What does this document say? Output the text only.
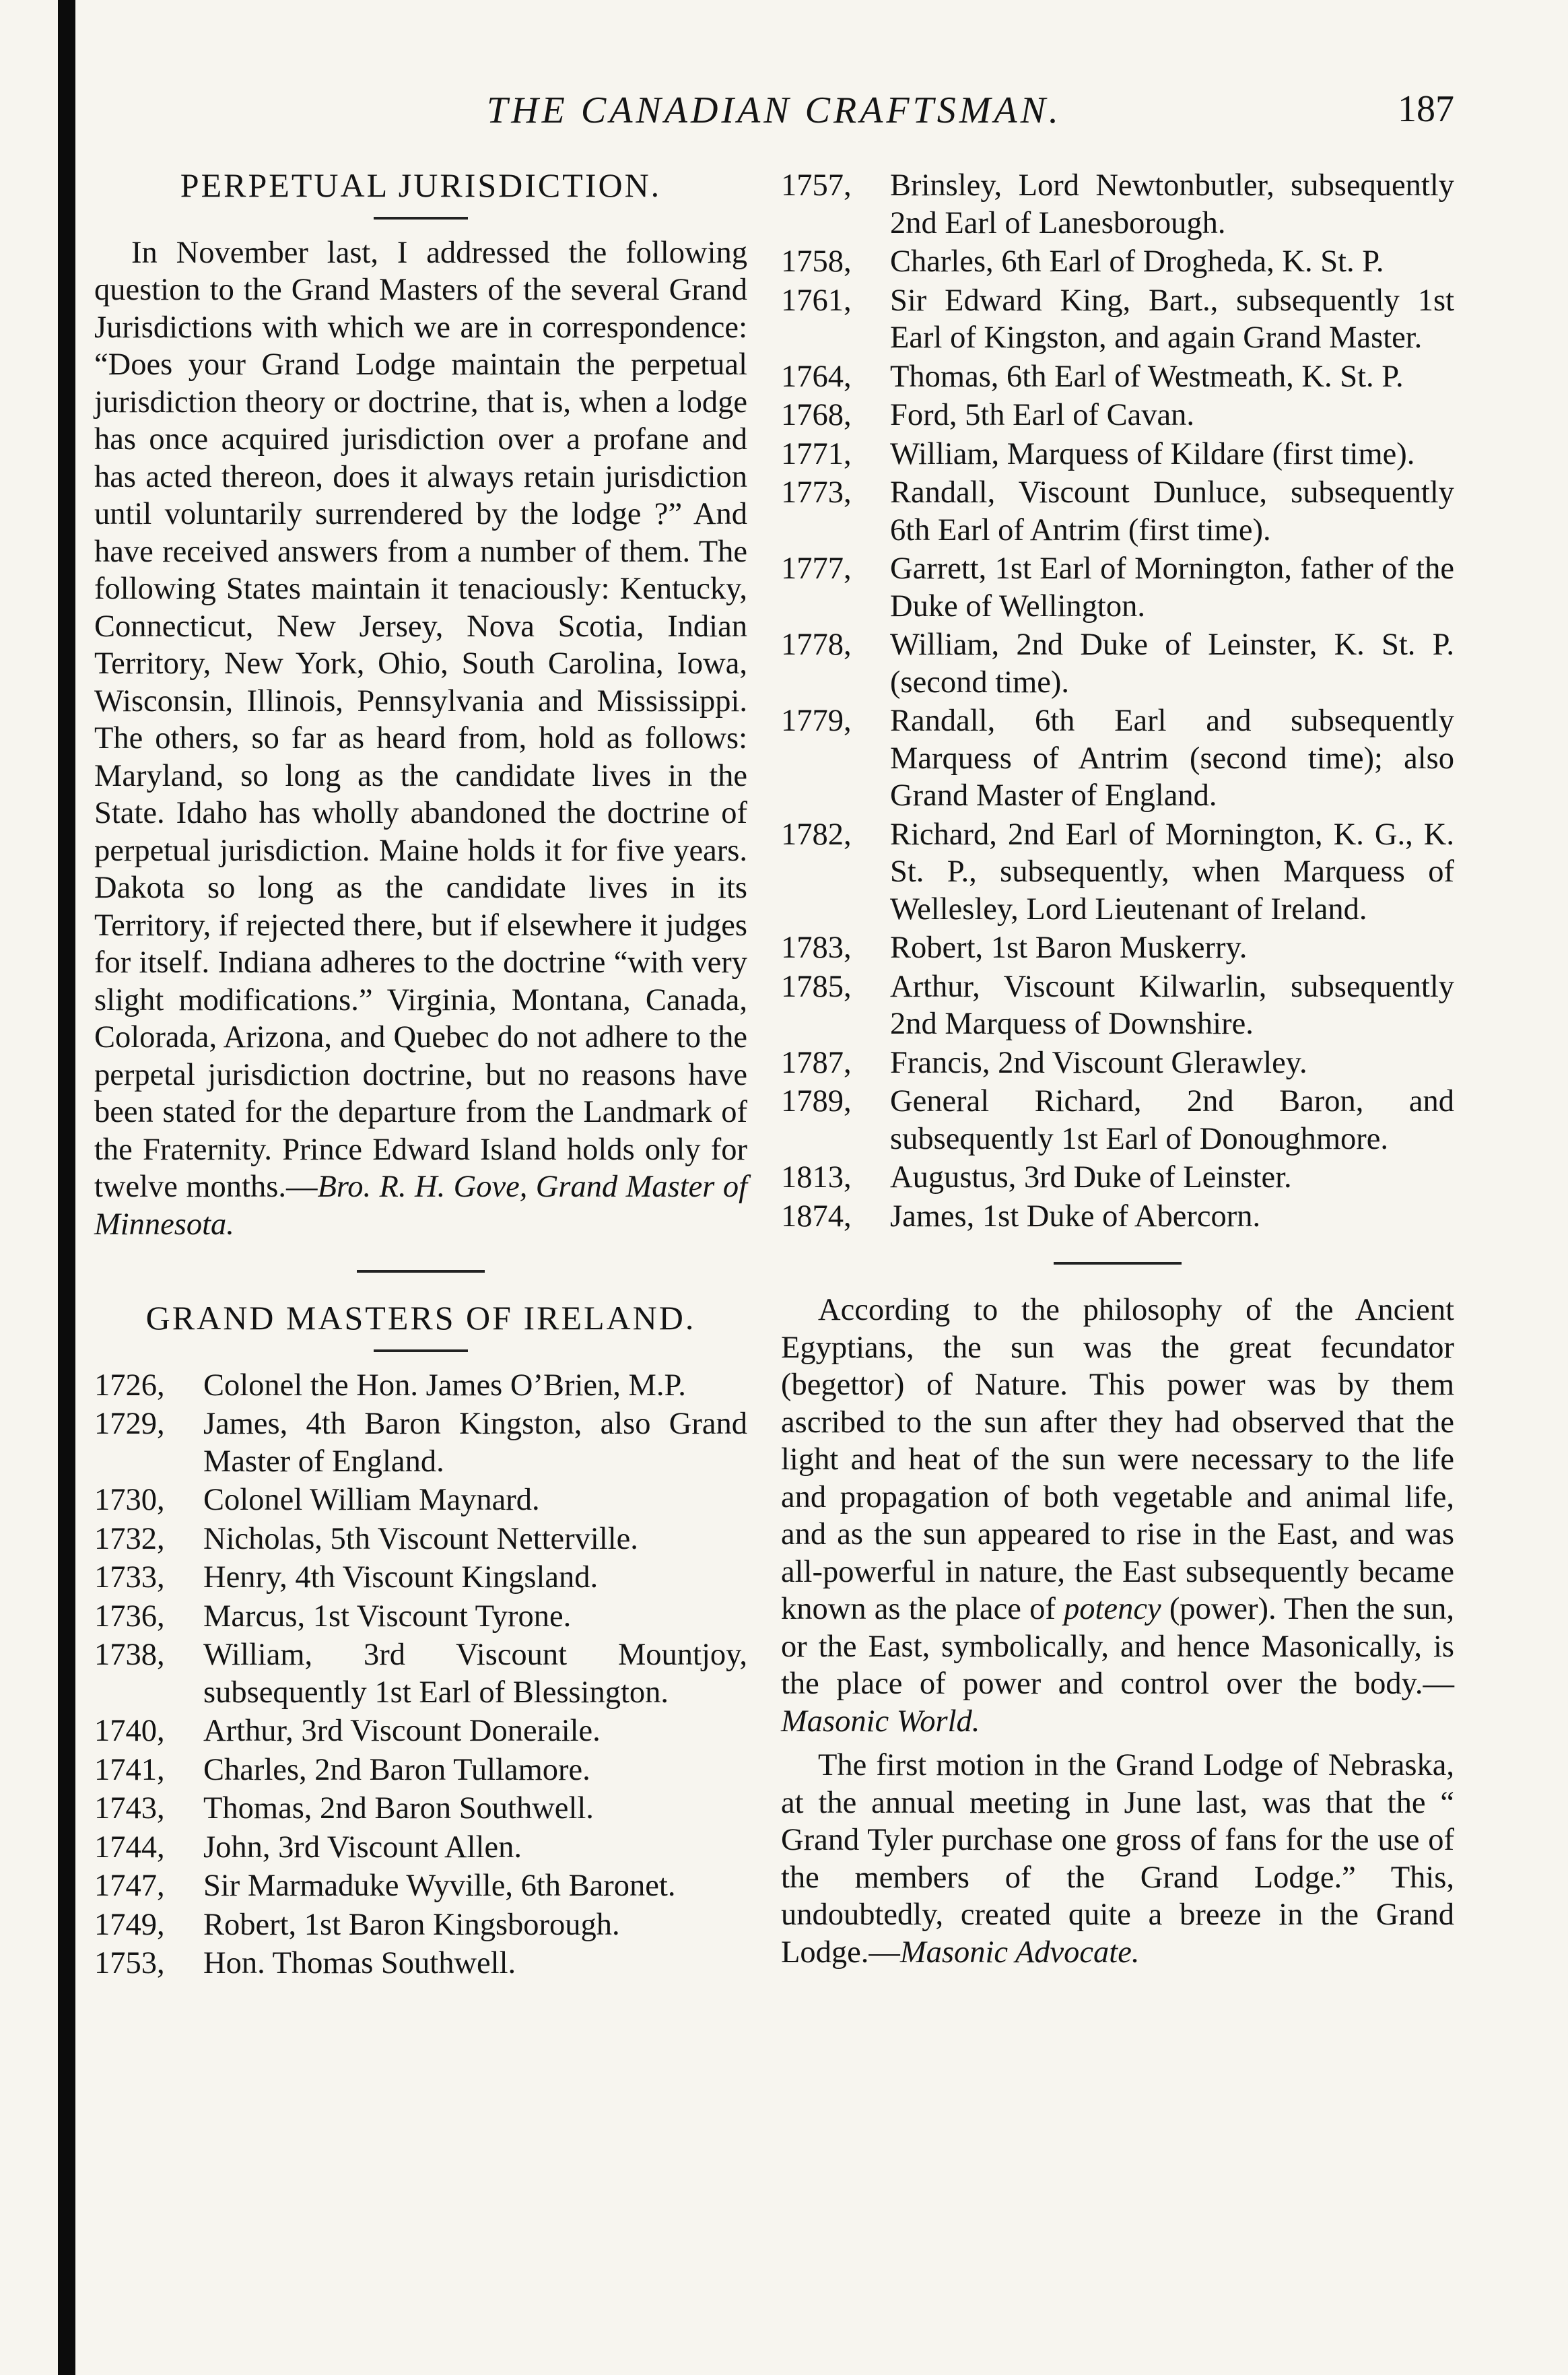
THE CANADIAN CRAFTSMAN.	187
PERPETUAL JURISDICTION.

In November last, I addressed the following question to the Grand Masters of the several Grand Jurisdictions with which we are in correspondence: “Does your Grand Lodge maintain the perpetual jurisdiction theory or doctrine, that is, when a lodge has once acquired jurisdiction over a profane and has acted thereon, does it always retain jurisdiction until voluntarily surrendered by the lodge ?” And have received answers from a number of them. The following States maintain it tenaciously: Kentucky, Connecticut, New Jersey, Nova Scotia, Indian Territory, New York, Ohio, South Carolina, Iowa, Wisconsin, Illinois, Pennsylvania and Mississippi. The others, so far as heard from, hold as follows: Maryland, so long as the candidate lives in the State. Idaho has wholly abandoned the doctrine of perpetual jurisdiction. Maine holds it for five years. Dakota so long as the candidate lives in its Territory, if rejected there, but if elsewhere it judges for itself. Indiana adheres to the doctrine “with very slight modifications.” Virginia, Montana, Canada, Colorada, Arizona, and Quebec do not adhere to the perpetal jurisdiction doctrine, but no reasons have been stated for the departure from the Landmark of the Fraternity. Prince Edward Island holds only for twelve months.—Bro. R. H. Gove, Grand Master of Minnesota.

GRAND MASTERS OF IRELAND.
1726,	Colonel the Hon. James O’Brien, M.P.
1729,	James, 4th Baron Kingston, also Grand Master of England.
1730,	Colonel William Maynard.
1732,	Nicholas, 5th Viscount Netterville.
1733,	Henry, 4th Viscount Kingsland.
1736,	Marcus, 1st Viscount Tyrone.
1738,	William, 3rd Viscount Mountjoy, subsequently 1st Earl of Blessington.
1740,	Arthur, 3rd Viscount Doneraile.
1741,	Charles, 2nd Baron Tullamore.
1743,	Thomas, 2nd Baron Southwell.
1744,	John, 3rd Viscount Allen.
1747,	Sir Marmaduke Wyville, 6th Baronet.
1749,	Robert, 1st Baron Kingsborough.
1753,	Hon. Thomas Southwell.
1757,	Brinsley, Lord Newtonbutler, subsequently 2nd Earl of Lanesborough.
1758,	Charles, 6th Earl of Drogheda, K. St. P.
1761,	Sir Edward King, Bart., subsequently 1st Earl of Kingston, and again Grand Master.
1764,	Thomas, 6th Earl of Westmeath, K. St. P.
1768,	Ford, 5th Earl of Cavan.
1771,	William, Marquess of Kildare (first time).
1773,	Randall, Viscount Dunluce, subsequently 6th Earl of Antrim (first time).
1777,	Garrett, 1st Earl of Mornington, father of the Duke of Wellington.
1778,	William, 2nd Duke of Leinster, K. St. P. (second time).
1779,	Randall, 6th Earl and subsequently Marquess of Antrim (second time); also Grand Master of England.
1782,	Richard, 2nd Earl of Mornington, K. G., K. St. P., subsequently, when Marquess of Wellesley, Lord Lieutenant of Ireland.
1783,	Robert, 1st Baron Muskerry.
1785,	Arthur, Viscount Kilwarlin, subsequently 2nd Marquess of Downshire.
1787,	Francis, 2nd Viscount Glerawley.
1789,	General Richard, 2nd Baron, and subsequently 1st Earl of Donoughmore.
1813,	Augustus, 3rd Duke of Leinster.
1874,	James, 1st Duke of Abercorn.

According to the philosophy of the Ancient Egyptians, the sun was the great fecundator (begettor) of Nature. This power was by them ascribed to the sun after they had observed that the light and heat of the sun were necessary to the life and propagation of both vegetable and animal life, and as the sun appeared to rise in the East, and was all-powerful in nature, the East subsequently became known as the place of potency (power). Then the sun, or the East, symbolically, and hence Masonically, is the place of power and control over the body.—Masonic World.

The first motion in the Grand Lodge of Nebraska, at the annual meeting in June last, was that the “ Grand Tyler purchase one gross of fans for the use of the members of the Grand Lodge.” This, undoubtedly, created quite a breeze in the Grand Lodge.—Masonic Advocate.
